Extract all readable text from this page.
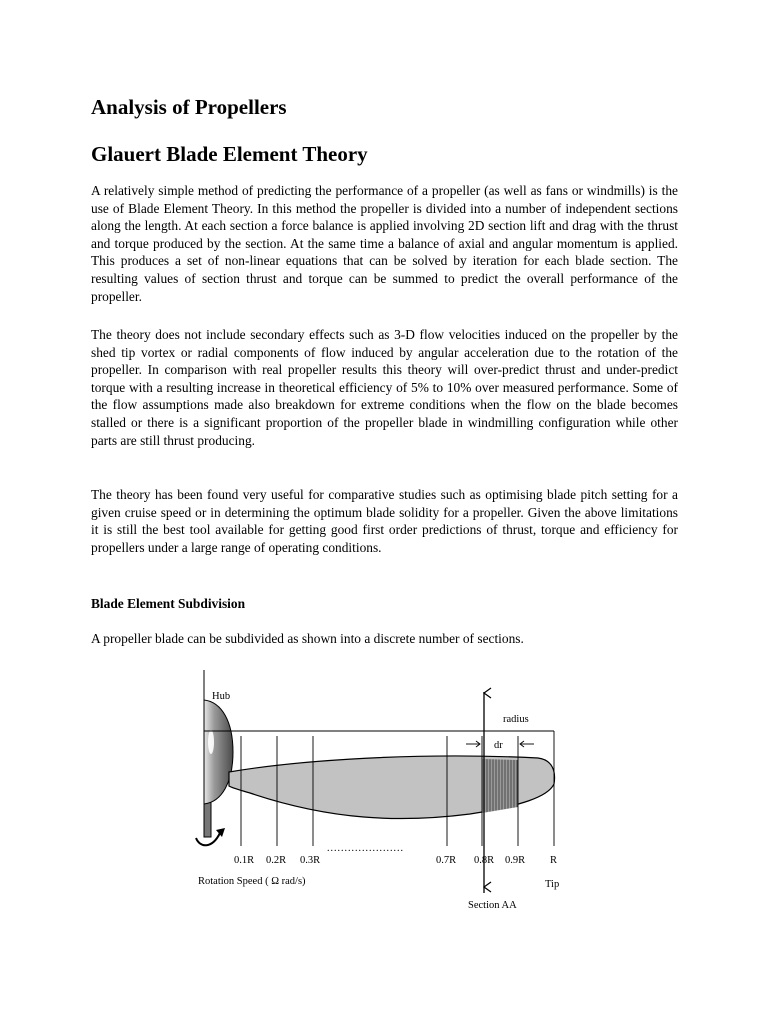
Analysis of Propellers
Glauert Blade Element Theory

A relatively simple method of predicting the performance of a propeller (as well as fans or windmills) is the use of Blade Element Theory. In this method the propeller is divided into a number of independent sections along the length. At each section a force balance is applied involving 2D section lift and drag with the thrust and torque produced by the section. At the same time a balance of axial and angular momentum is applied. This produces a set of non-linear equations that can be solved by iteration for each blade section. The resulting values of section thrust and torque can be summed to predict the overall performance of the propeller.

The theory does not include secondary effects such as 3-D flow velocities induced on the propeller by the shed tip vortex or radial components of flow induced by angular acceleration due to the rotation of the propeller. In comparison with real propeller results this theory will over-predict thrust and under-predict torque with a resulting increase in theoretical efficiency of 5% to 10% over measured performance. Some of the flow assumptions made also breakdown for extreme conditions when the flow on the blade becomes stalled or there is a significant proportion of the propeller blade in windmilling configuration while other parts are still thrust producing.

The theory has been found very useful for comparative studies such as optimising blade pitch setting for a given cruise speed or in determining the optimum blade solidity for a propeller. Given the above limitations it is still the best tool available for getting good first order predictions of thrust, torque and efficiency for propellers under a large range of operating conditions.

Blade Element Subdivision

A propeller blade can be subdivided as shown into a discrete number of sections.

Hub
radius
dr
......................
0.1R 0.2R 0.3R	0.7R 0.8R 0.9R R
Rotation Speed ( Ω rad/s)	Tip
Section AA
